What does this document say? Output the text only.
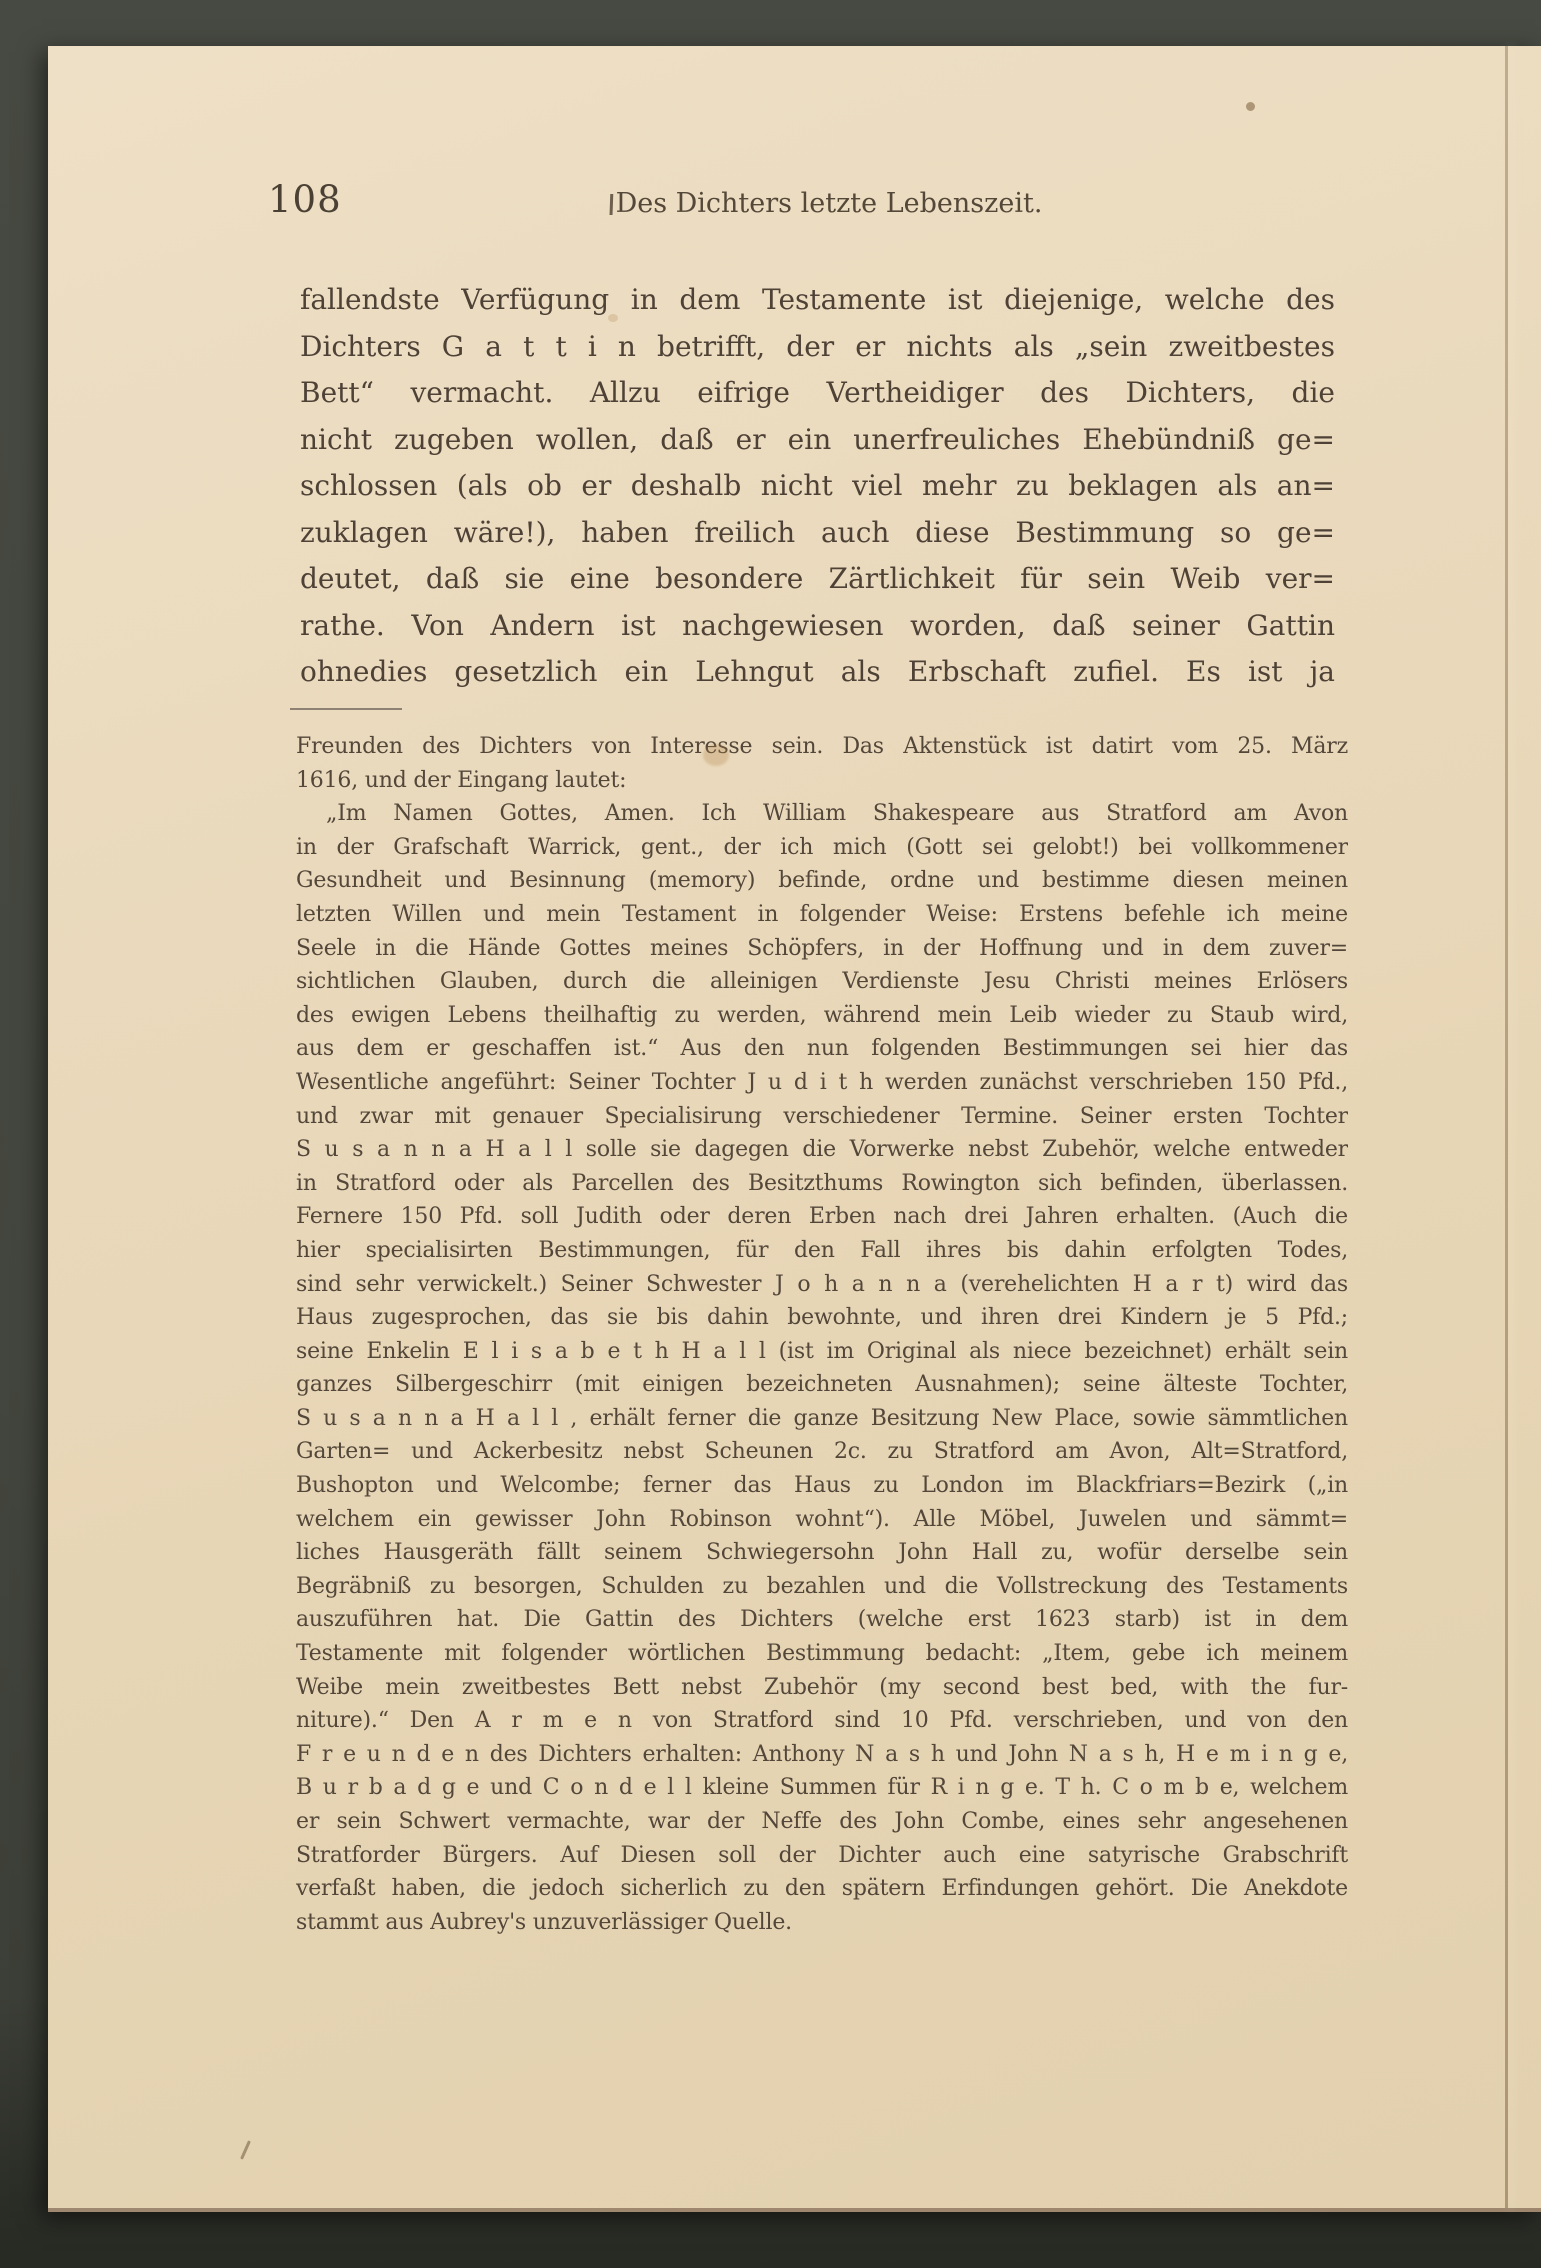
108	Des Dichters letzte Lebenszeit.
fallendste Verfügung in dem Testamente ist diejenige, welche des
Dichters G a t t i n betrifft, der er nichts als „sein zweitbestes
Bett“ vermacht. Allzu eifrige Vertheidiger des Dichters, die
nicht zugeben wollen, daß er ein unerfreuliches Ehebündniß ge=
schlossen (als ob er deshalb nicht viel mehr zu beklagen als an=
zuklagen wäre!), haben freilich auch diese Bestimmung so ge=
deutet, daß sie eine besondere Zärtlichkeit für sein Weib ver=
rathe. Von Andern ist nachgewiesen worden, daß seiner Gattin
ohnedies gesetzlich ein Lehngut als Erbschaft zufiel. Es ist ja
Freunden des Dichters von Interesse sein. Das Aktenstück ist datirt vom 25. März
1616, und der Eingang lautet:
„Im Namen Gottes, Amen. Ich William Shakespeare aus Stratford am Avon
in der Grafschaft Warrick, gent., der ich mich (Gott sei gelobt!) bei vollkommener
Gesundheit und Besinnung (memory) befinde, ordne und bestimme diesen meinen
letzten Willen und mein Testament in folgender Weise: Erstens befehle ich meine
Seele in die Hände Gottes meines Schöpfers, in der Hoffnung und in dem zuver=
sichtlichen Glauben, durch die alleinigen Verdienste Jesu Christi meines Erlösers
des ewigen Lebens theilhaftig zu werden, während mein Leib wieder zu Staub wird,
aus dem er geschaffen ist.“ Aus den nun folgenden Bestimmungen sei hier das
Wesentliche angeführt: Seiner Tochter J u d i t h werden zunächst verschrieben 150 Pfd.,
und zwar mit genauer Specialisirung verschiedener Termine. Seiner ersten Tochter
S u s a n n a H a l l solle sie dagegen die Vorwerke nebst Zubehör, welche entweder
in Stratford oder als Parcellen des Besitzthums Rowington sich befinden, überlassen.
Fernere 150 Pfd. soll Judith oder deren Erben nach drei Jahren erhalten. (Auch die
hier specialisirten Bestimmungen, für den Fall ihres bis dahin erfolgten Todes,
sind sehr verwickelt.) Seiner Schwester J o h a n n a (verehelichten H a r t) wird das
Haus zugesprochen, das sie bis dahin bewohnte, und ihren drei Kindern je 5 Pfd.;
seine Enkelin E l i s a b e t h H a l l (ist im Original als niece bezeichnet) erhält sein
ganzes Silbergeschirr (mit einigen bezeichneten Ausnahmen); seine älteste Tochter,
S u s a n n a H a l l , erhält ferner die ganze Besitzung New Place, sowie sämmtlichen
Garten= und Ackerbesitz nebst Scheunen 2c. zu Stratford am Avon, Alt=Stratford,
Bushopton und Welcombe; ferner das Haus zu London im Blackfriars=Bezirk („in
welchem ein gewisser John Robinson wohnt“). Alle Möbel, Juwelen und sämmt=
liches Hausgeräth fällt seinem Schwiegersohn John Hall zu, wofür derselbe sein
Begräbniß zu besorgen, Schulden zu bezahlen und die Vollstreckung des Testaments
auszuführen hat. Die Gattin des Dichters (welche erst 1623 starb) ist in dem
Testamente mit folgender wörtlichen Bestimmung bedacht: „Item, gebe ich meinem
Weibe mein zweitbestes Bett nebst Zubehör (my second best bed, with the fur-
niture).“ Den A r m e n von Stratford sind 10 Pfd. verschrieben, und von den
F r e u n d e n des Dichters erhalten: Anthony N a s h und John N a s h, H e m i n g e,
B u r b a d g e und C o n d e l l kleine Summen für R i n g e. T h. C o m b e, welchem
er sein Schwert vermachte, war der Neffe des John Combe, eines sehr angesehenen
Stratforder Bürgers. Auf Diesen soll der Dichter auch eine satyrische Grabschrift
verfaßt haben, die jedoch sicherlich zu den spätern Erfindungen gehört. Die Anekdote
stammt aus Aubrey's unzuverlässiger Quelle.
